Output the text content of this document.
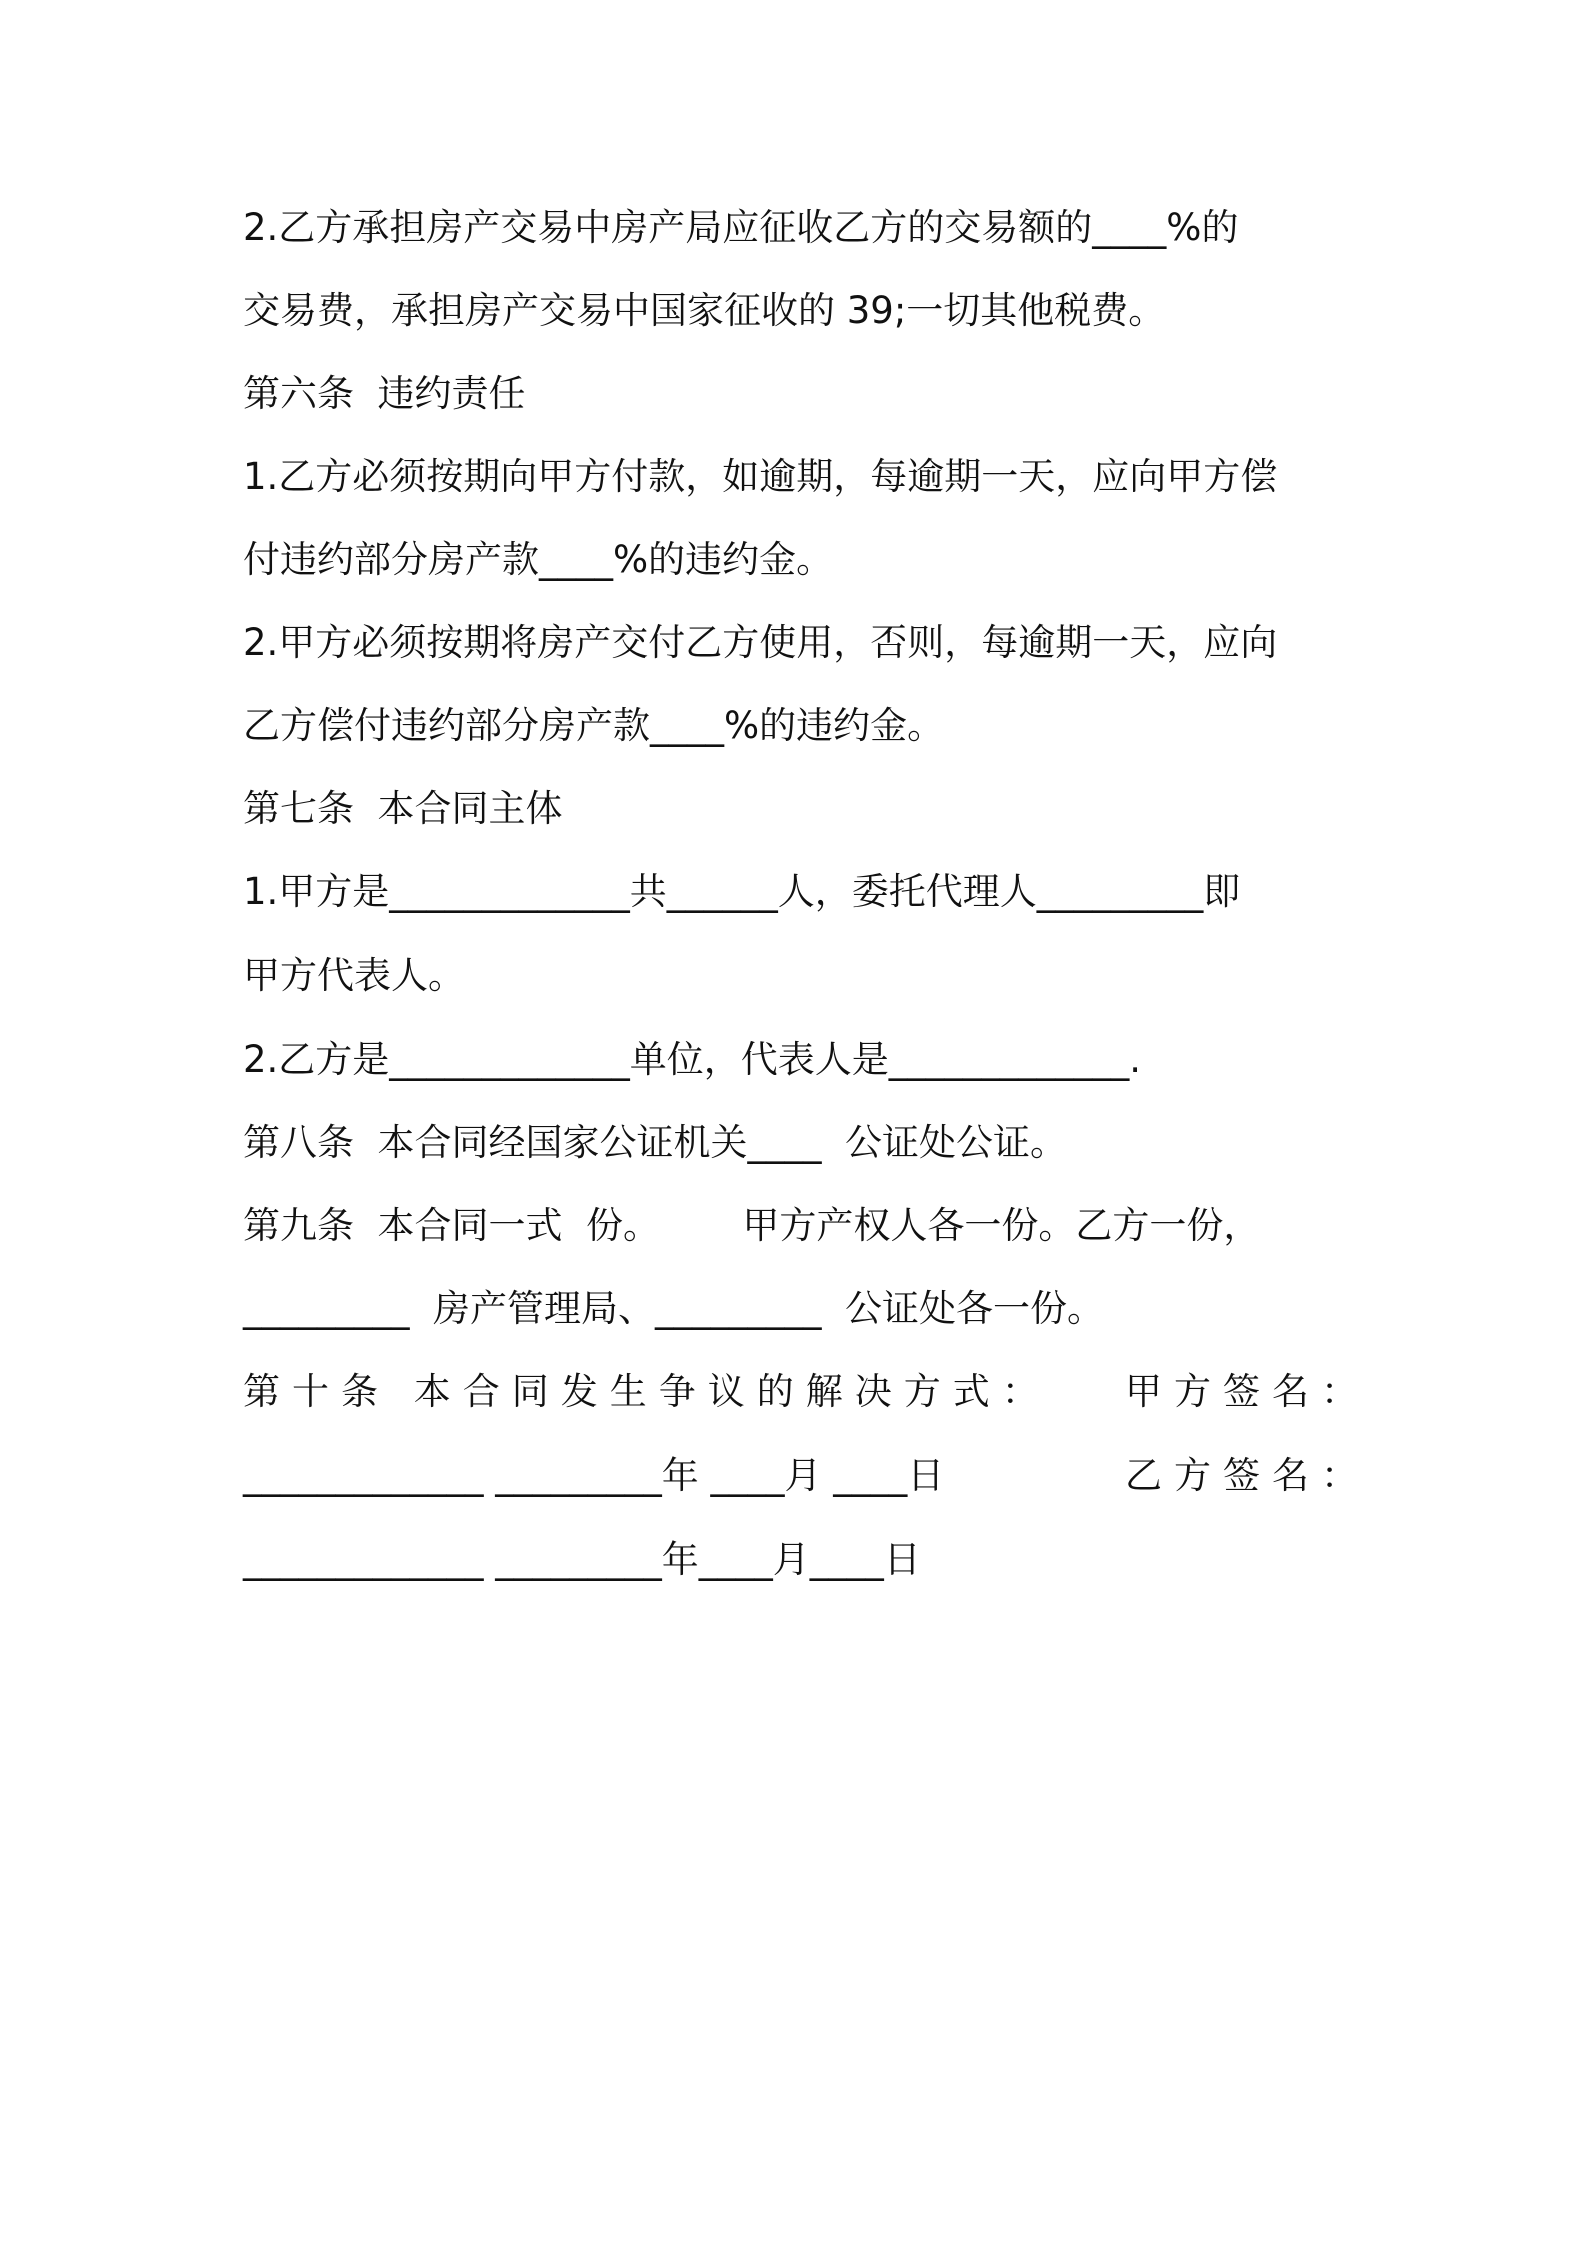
2.乙方承担房产交易中房产局应征收乙方的交易额的____%的
交易费，承担房产交易中国家征收的 39;一切其他税费。
第六条  违约责任
1.乙方必须按期向甲方付款，如逾期，每逾期一天，应向甲方偿
付违约部分房产款____%的违约金。
2.甲方必须按期将房产交付乙方使用，否则，每逾期一天，应向
乙方偿付违约部分房产款____%的违约金。
第七条  本合同主体
1.甲方是_____________共______人，委托代理人_________即
甲方代表人。
2.乙方是_____________单位，代表人是_____________.
第八条  本合同经国家公证机关____  公证处公证。
第九条  本合同一式  份。       甲方产权人各一份。乙方一份，
_________  房产管理局、_________  公证处各一份。
第十条 本合同发生争议的解决方式： 甲方签名：
_____________ _________年 ____月 ____日	乙方签名：
_____________ _________年____月____日
